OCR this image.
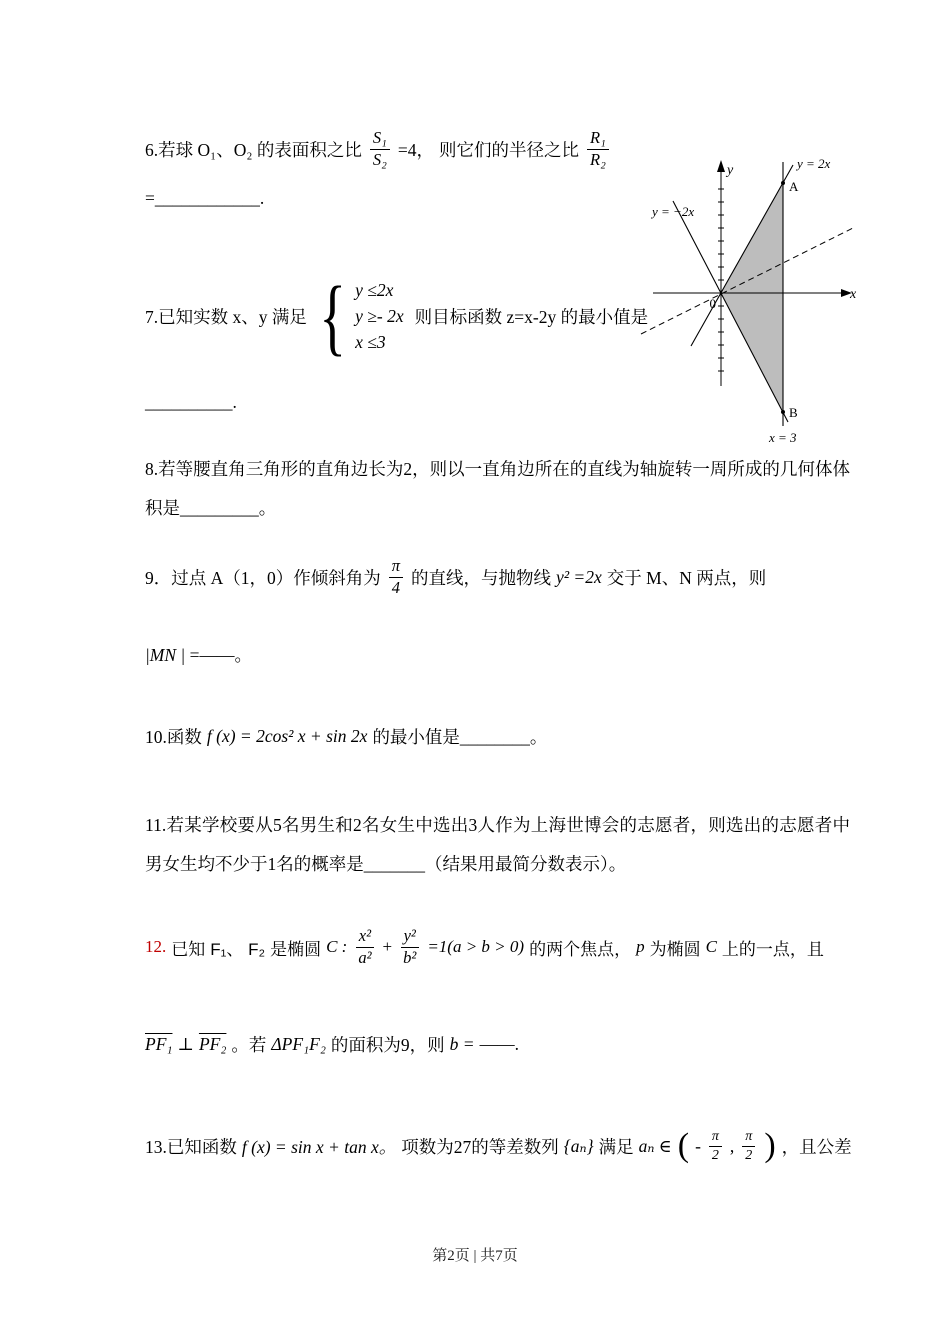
6.若球 O₁、O₂ 的表面积之比 $\frac{\text{S₁}}{\text{S₂}} =4$， 则它们的半径之比 $\frac{\text{R₁}}{\text{R₂}}$
=____________.
y
x
0
y = 2x
y = −2x
x = 3
A
B
7.已知实数 x、y 满足 { y ≤2x
y ≥- 2x
x ≤3
则目标函数 z=x-2y 的最小值是
__________.
8.若等腰直角三角形的直角边长为2，则以一直角边所在的直线为轴旋转一周所成的几何体体积是_________。
9．过点 A（1，0）作倾斜角为 $\frac{\pi}{4}$ 的直线，与抛物线 y² =2x 交于 M、N 两点，则
|MN | =——。
10.函数 f (x) = 2cos² x + sin 2x 的最小值是________。
11.若某学校要从5名男生和2名女生中选出3人作为上海世博会的志愿者，则选出的志愿者中男女生均不少于1名的概率是_______（结果用最简分数表示）。
12. 已知 F₁、 F₂ 是椭圆 C : $\frac{\text{x²}}{\text{a²}} + \frac{\text{y²}}{\text{b²}} =1(a > b > 0)$ 的两个焦点， p 为椭圆 C 上的一点，且
PF₁ ⊥ PF₂ 。若 ΔPF₁F₂ 的面积为9，则 b = ——.
13.已知函数 f (x) = sin x + tan x。 项数为27的等差数列 {aₙ} 满足 aₙ ∈ ( - $\frac{\pi}{2}$ , $\frac{\pi}{2}$ ) ，且公差
第2页 | 共7页
